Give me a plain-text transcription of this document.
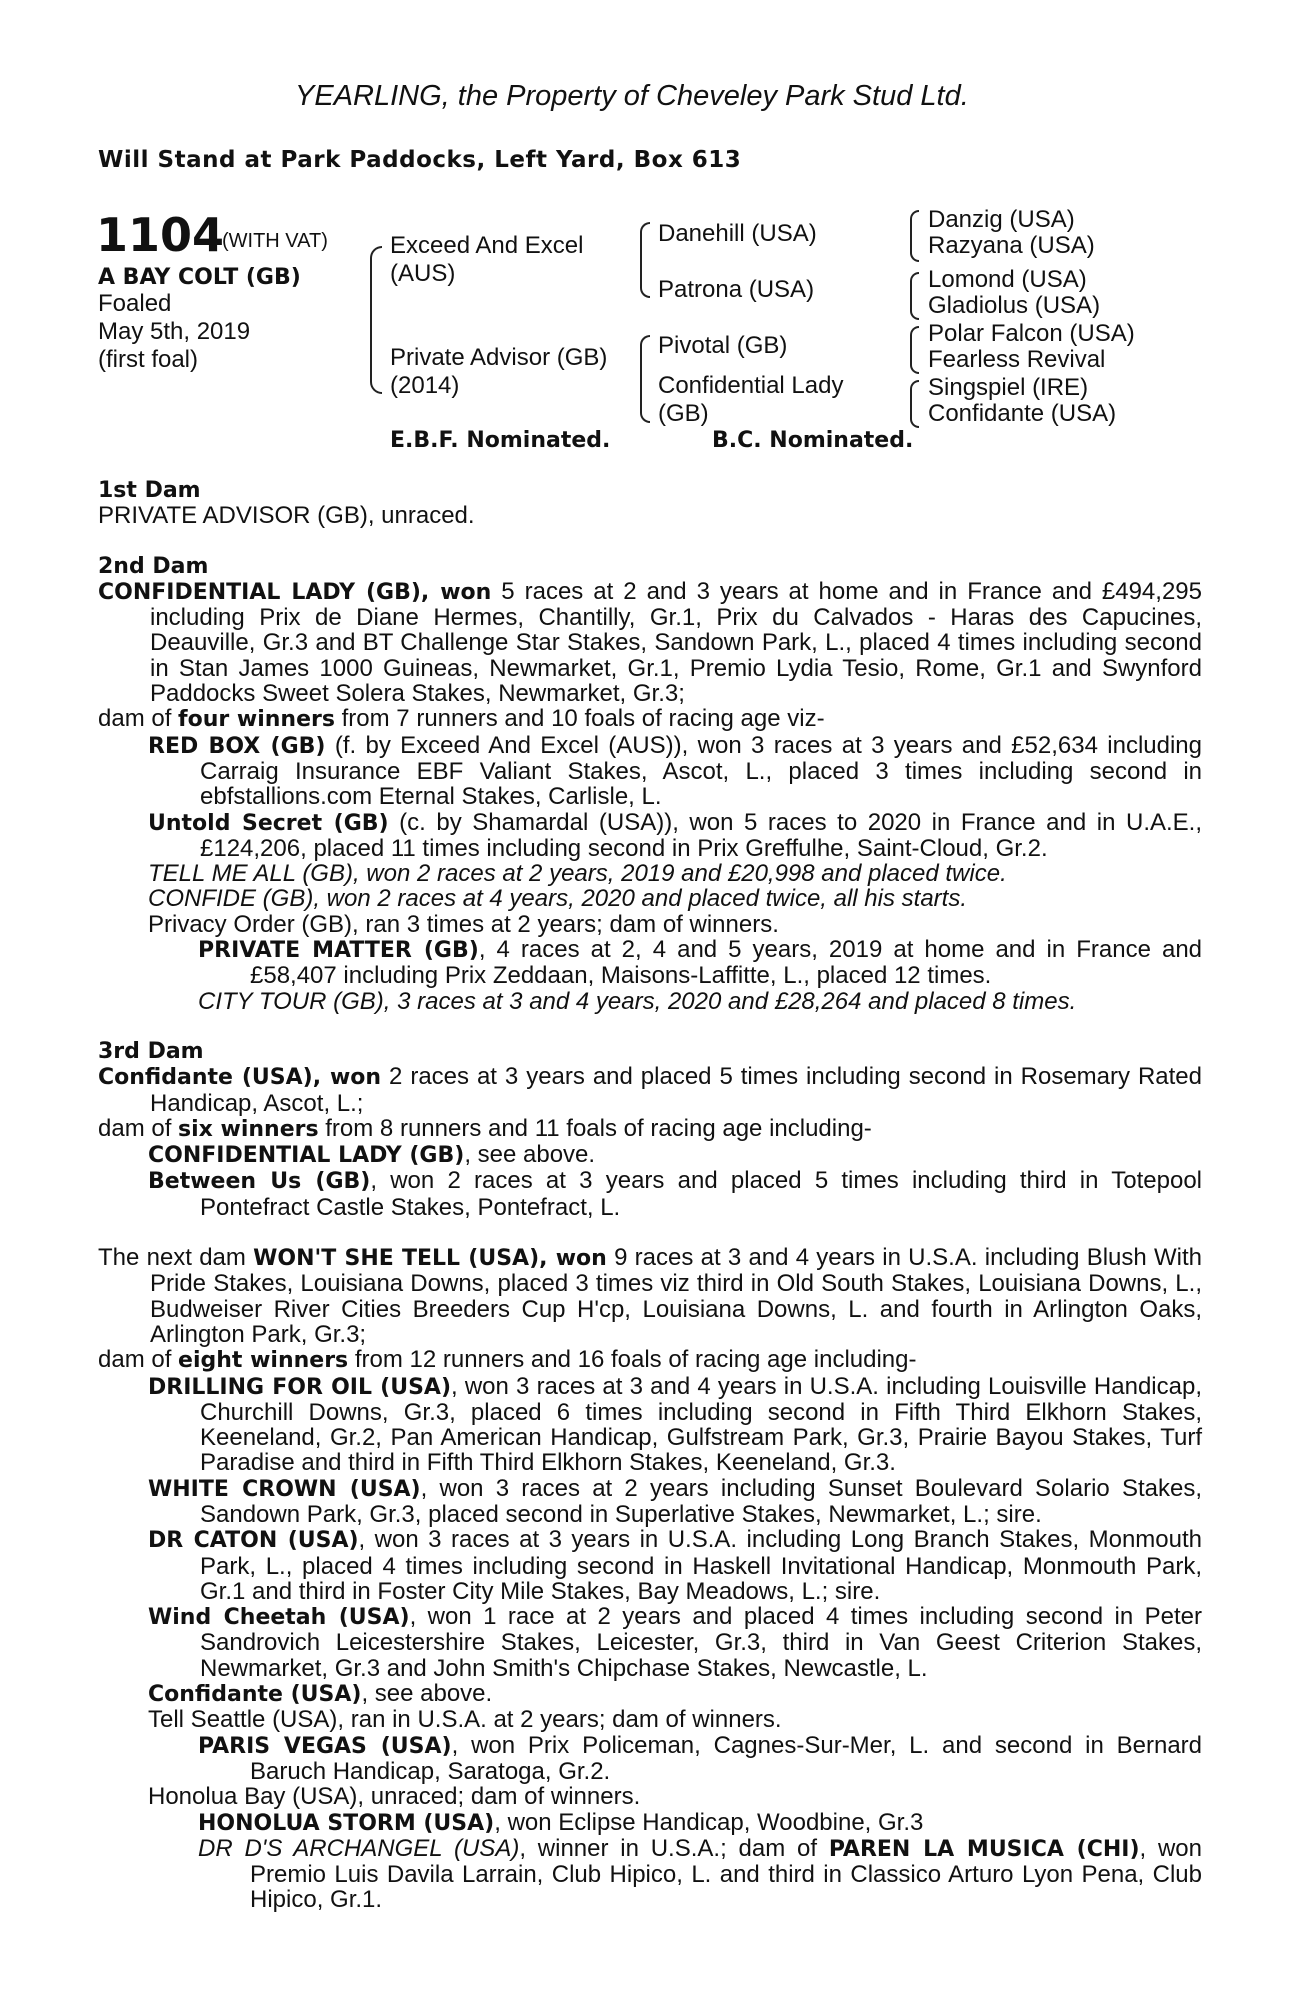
YEARLING, the Property of Cheveley Park Stud Ltd.
Will Stand at Park Paddocks, Left Yard, Box 613
1104
(WITH VAT)
A BAY COLT (GB)
Foaled
May 5th, 2019
(first foal)
Exceed And Excel (AUS)
Private Advisor (GB) (2014)
Danehill (USA)
Patrona (USA)
Pivotal (GB)
Confidential Lady (GB)
Danzig (USA)
Razyana (USA)
Lomond (USA)
Gladiolus (USA)
Polar Falcon (USA)
Fearless Revival
Singspiel (IRE)
Confidante (USA)
E.B.F. Nominated.	B.C. Nominated.

1st Dam

PRIVATE ADVISOR (GB), unraced.

2nd Dam

CONFIDENTIAL LADY (GB), won 5 races at 2 and 3 years at home and in France and £494,295 including Prix de Diane Hermes, Chantilly, Gr.1, Prix du Calvados - Haras des Capucines, Deauville, Gr.3 and BT Challenge Star Stakes, Sandown Park, L., placed 4 times including second in Stan James 1000 Guineas, Newmarket, Gr.1, Premio Lydia Tesio, Rome, Gr.1 and Swynford Paddocks Sweet Solera Stakes, Newmarket, Gr.3;

dam of four winners from 7 runners and 10 foals of racing age viz-

RED BOX (GB) (f. by Exceed And Excel (AUS)), won 3 races at 3 years and £52,634 including Carraig Insurance EBF Valiant Stakes, Ascot, L., placed 3 times including second in ebfstallions.com Eternal Stakes, Carlisle, L.

Untold Secret (GB) (c. by Shamardal (USA)), won 5 races to 2020 in France and in U.A.E., £124,206, placed 11 times including second in Prix Greffulhe, Saint-Cloud, Gr.2.

TELL ME ALL (GB), won 2 races at 2 years, 2019 and £20,998 and placed twice.

CONFIDE (GB), won 2 races at 4 years, 2020 and placed twice, all his starts.

Privacy Order (GB), ran 3 times at 2 years; dam of winners.

PRIVATE MATTER (GB), 4 races at 2, 4 and 5 years, 2019 at home and in France and £58,407 including Prix Zeddaan, Maisons-Laffitte, L., placed 12 times.

CITY TOUR (GB), 3 races at 3 and 4 years, 2020 and £28,264 and placed 8 times.

3rd Dam

Confidante (USA), won 2 races at 3 years and placed 5 times including second in Rosemary Rated Handicap, Ascot, L.;

dam of six winners from 8 runners and 11 foals of racing age including-

CONFIDENTIAL LADY (GB), see above.

Between Us (GB), won 2 races at 3 years and placed 5 times including third in Totepool Pontefract Castle Stakes, Pontefract, L.

The next dam WON'T SHE TELL (USA), won 9 races at 3 and 4 years in U.S.A. including Blush With Pride Stakes, Louisiana Downs, placed 3 times viz third in Old South Stakes, Louisiana Downs, L., Budweiser River Cities Breeders Cup H'cp, Louisiana Downs, L. and fourth in Arlington Oaks, Arlington Park, Gr.3;

dam of eight winners from 12 runners and 16 foals of racing age including-

DRILLING FOR OIL (USA), won 3 races at 3 and 4 years in U.S.A. including Louisville Handicap, Churchill Downs, Gr.3, placed 6 times including second in Fifth Third Elkhorn Stakes, Keeneland, Gr.2, Pan American Handicap, Gulfstream Park, Gr.3, Prairie Bayou Stakes, Turf Paradise and third in Fifth Third Elkhorn Stakes, Keeneland, Gr.3.

WHITE CROWN (USA), won 3 races at 2 years including Sunset Boulevard Solario Stakes, Sandown Park, Gr.3, placed second in Superlative Stakes, Newmarket, L.; sire.

DR CATON (USA), won 3 races at 3 years in U.S.A. including Long Branch Stakes, Monmouth Park, L., placed 4 times including second in Haskell Invitational Handicap, Monmouth Park, Gr.1 and third in Foster City Mile Stakes, Bay Meadows, L.; sire.

Wind Cheetah (USA), won 1 race at 2 years and placed 4 times including second in Peter Sandrovich Leicestershire Stakes, Leicester, Gr.3, third in Van Geest Criterion Stakes, Newmarket, Gr.3 and John Smith's Chipchase Stakes, Newcastle, L.

Confidante (USA), see above.

Tell Seattle (USA), ran in U.S.A. at 2 years; dam of winners.

PARIS VEGAS (USA), won Prix Policeman, Cagnes-Sur-Mer, L. and second in Bernard Baruch Handicap, Saratoga, Gr.2.

Honolua Bay (USA), unraced; dam of winners.

HONOLUA STORM (USA), won Eclipse Handicap, Woodbine, Gr.3

DR D'S ARCHANGEL (USA), winner in U.S.A.; dam of PAREN LA MUSICA (CHI), won Premio Luis Davila Larrain, Club Hipico, L. and third in Classico Arturo Lyon Pena, Club Hipico, Gr.1.
